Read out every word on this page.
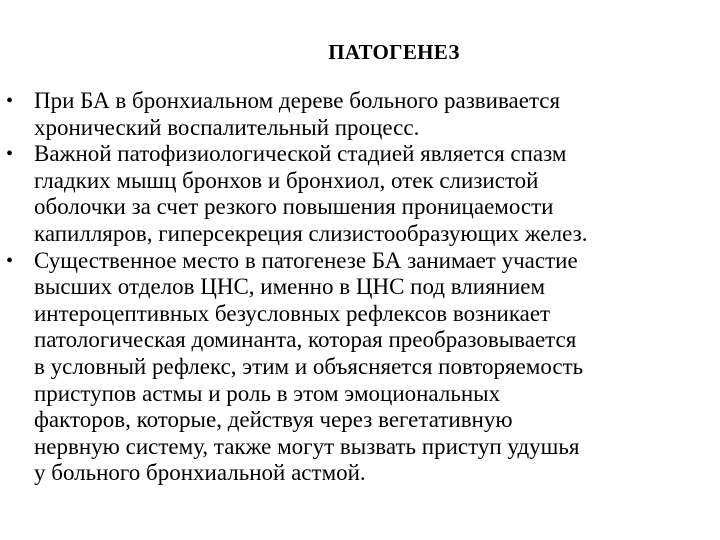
ПАТОГЕНЕЗ
• При БА в бронхиальном дереве больного развивается
хронический воспалительный процесс.
• Важной патофизиологической стадией является спазм
гладких мышц бронхов и бронхиол, отек слизистой
оболочки за счет резкого повышения проницаемости
капилляров, гиперсекреция слизистообразующих желез.
• Существенное место в патогенезе БА занимает участие
высших отделов ЦНС, именно в ЦНС под влиянием
интероцептивных безусловных рефлексов возникает
патологическая доминанта, которая преобразовывается
в условный рефлекс, этим и объясняется повторяемость
приступов астмы и роль в этом эмоциональных
факторов, которые, действуя через вегетативную
нервную систему, также могут вызвать приступ удушья
у больного бронхиальной астмой.
